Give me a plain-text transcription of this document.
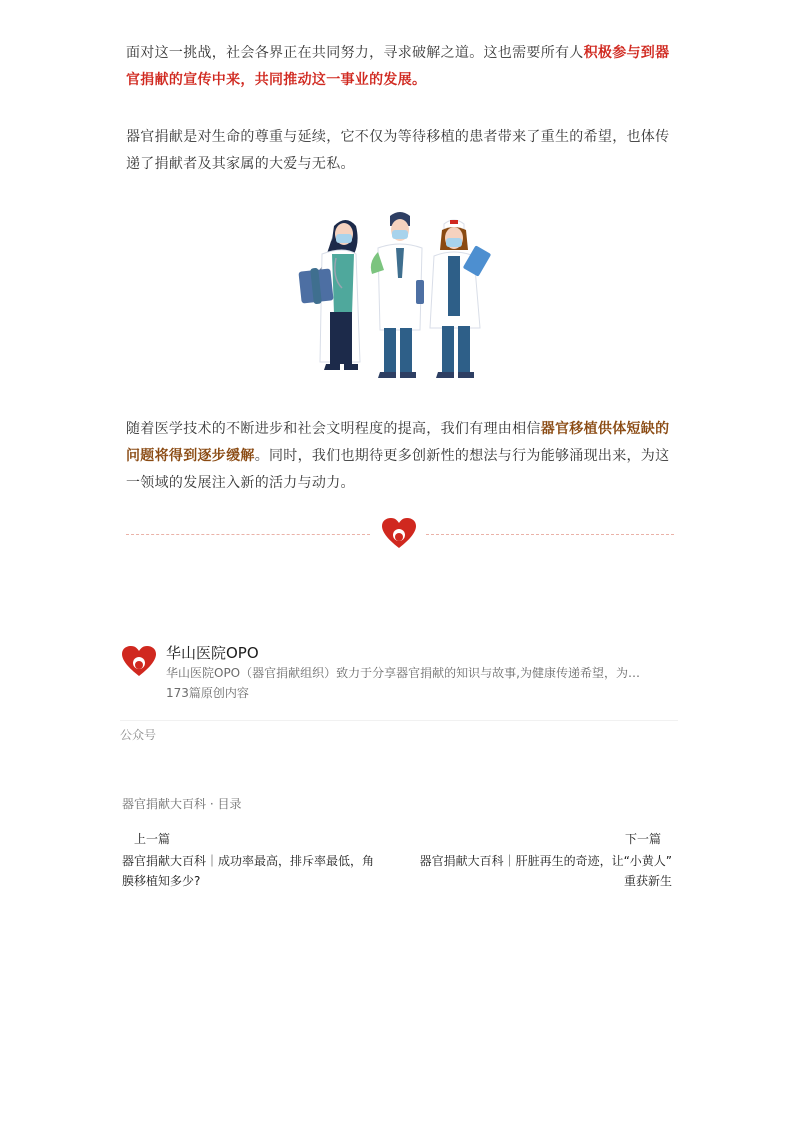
面对这一挑战，社会各界正在共同努力，寻求破解之道。这也需要所有人积极参与到器官捐献的宣传中来，共同推动这一事业的发展。

器官捐献是对生命的尊重与延续，它不仅为等待移植的患者带来了重生的希望，也体传递了捐献者及其家属的大爱与无私。

随着医学技术的不断进步和社会文明程度的提高，我们有理由相信器官移植供体短缺的问题将得到逐步缓解。同时，我们也期待更多创新性的想法与行为能够涌现出来，为这一领域的发展注入新的活力与动力。

华山医院OPO
华山医院OPO（器官捐献组织）致力于分享器官捐献的知识与故事,为健康传递希望，为…
173篇原创内容
公众号
器官捐献大百科 · 目录
上一篇
器官捐献大百科｜成功率最高，排斥率最低，角膜移植知多少?
下一篇
器官捐献大百科｜肝脏再生的奇迹，让“小黄人” 重获新生
